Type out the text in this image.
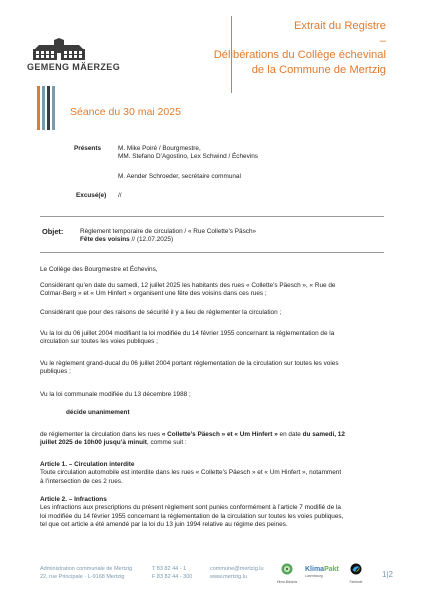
GEMENG MÄERZEG
Extrait du Registre
–
Délibérations du Collège échevinal
de la Commune de Mertzig
Séance du 30 mai 2025
Présents	M. Mike Poiré / Bourgmestre,
MM. Stefano D’Agostino, Lex Schwind / Échevins
M. Aender Schroeder, secrétaire communal
Excusé(e) //
Objet:	Règlement temporaire de circulation / « Rue Collette’s Päsch»
Fête des voisins // (12.07.2025)
Le Collège des Bourgmestre et Échevins,
Considérant qu’en date du samedi, 12 juillet 2025 les habitants des rues « Collette’s Päesch », « Rue de
Colmar-Berg » et « Um Hinfert » organisent une fête des voisins dans ces rues ;
Considérant que pour des raisons de sécurité il y a lieu de réglementer la circulation ;
Vu la loi du 06 juillet 2004 modifiant la loi modifiée du 14 février 1955 concernant la réglementation de la
circulation sur toutes les voies publiques ;
Vu le règlement grand-ducal du 06 juillet 2004 portant réglementation de la circulation sur toutes les voies
publiques ;
Vu la loi communale modifiée du 13 décembre 1988 ;
décide unanimement
de réglementer la circulation dans les rues « Collette’s Päesch » et « Um Hinfert » en date du samedi, 12
juillet 2025 de 10h00 jusqu’à minuit, comme suit :
Article 1. – Circulation interdite
Toute circulation automobile est interdite dans les rues « Collette’s Päesch » et « Um Hinfert », notamment
à l’intersection de ces 2 rues.
Article 2. – Infractions
Les infractions aux prescriptions du présent règlement sont punies conformément à l’article 7 modifié de la
loi modifiée du 14 février 1955 concernant la réglementation de la circulation sur toutes les voies publiques,
tel que cet article a été amendé par la loi du 13 juin 1994 relative au régime des peines.
Administration communale de Mertzig
22, rue Principale · L-9168 Mertzig
T 83 82 44 - 1
F 83 82 44 - 300
commune@mertzig.lu
www.mertzig.lu
Klima-Bündnis
KlimaPakt
Luxembourg
Fairtrade
1|2
